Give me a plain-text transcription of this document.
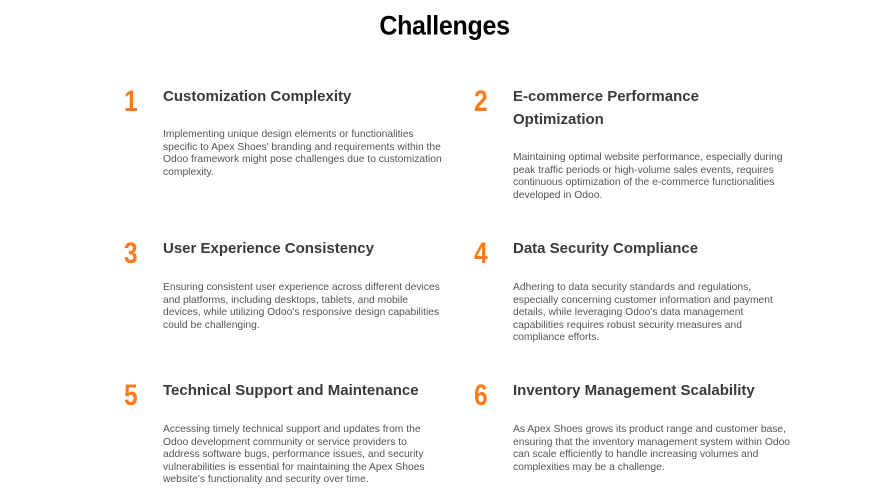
Challenges
1 Customization Complexity
Implementing unique design elements or functionalities specific to Apex Shoes' branding and requirements within the Odoo framework might pose challenges due to customization complexity.
2 E-commerce Performance Optimization
Maintaining optimal website performance, especially during peak traffic periods or high-volume sales events, requires continuous optimization of the e-commerce functionalities developed in Odoo.
3 User Experience Consistency
Ensuring consistent user experience across different devices and platforms, including desktops, tablets, and mobile devices, while utilizing Odoo's responsive design capabilities could be challenging.
4 Data Security Compliance
Adhering to data security standards and regulations, especially concerning customer information and payment details, while leveraging Odoo's data management capabilities requires robust security measures and compliance efforts.
5 Technical Support and Maintenance
Accessing timely technical support and updates from the Odoo development community or service providers to address software bugs, performance issues, and security vulnerabilities is essential for maintaining the Apex Shoes website's functionality and security over time.
6 Inventory Management Scalability
As Apex Shoes grows its product range and customer base, ensuring that the inventory management system within Odoo can scale efficiently to handle increasing volumes and complexities may be a challenge.
